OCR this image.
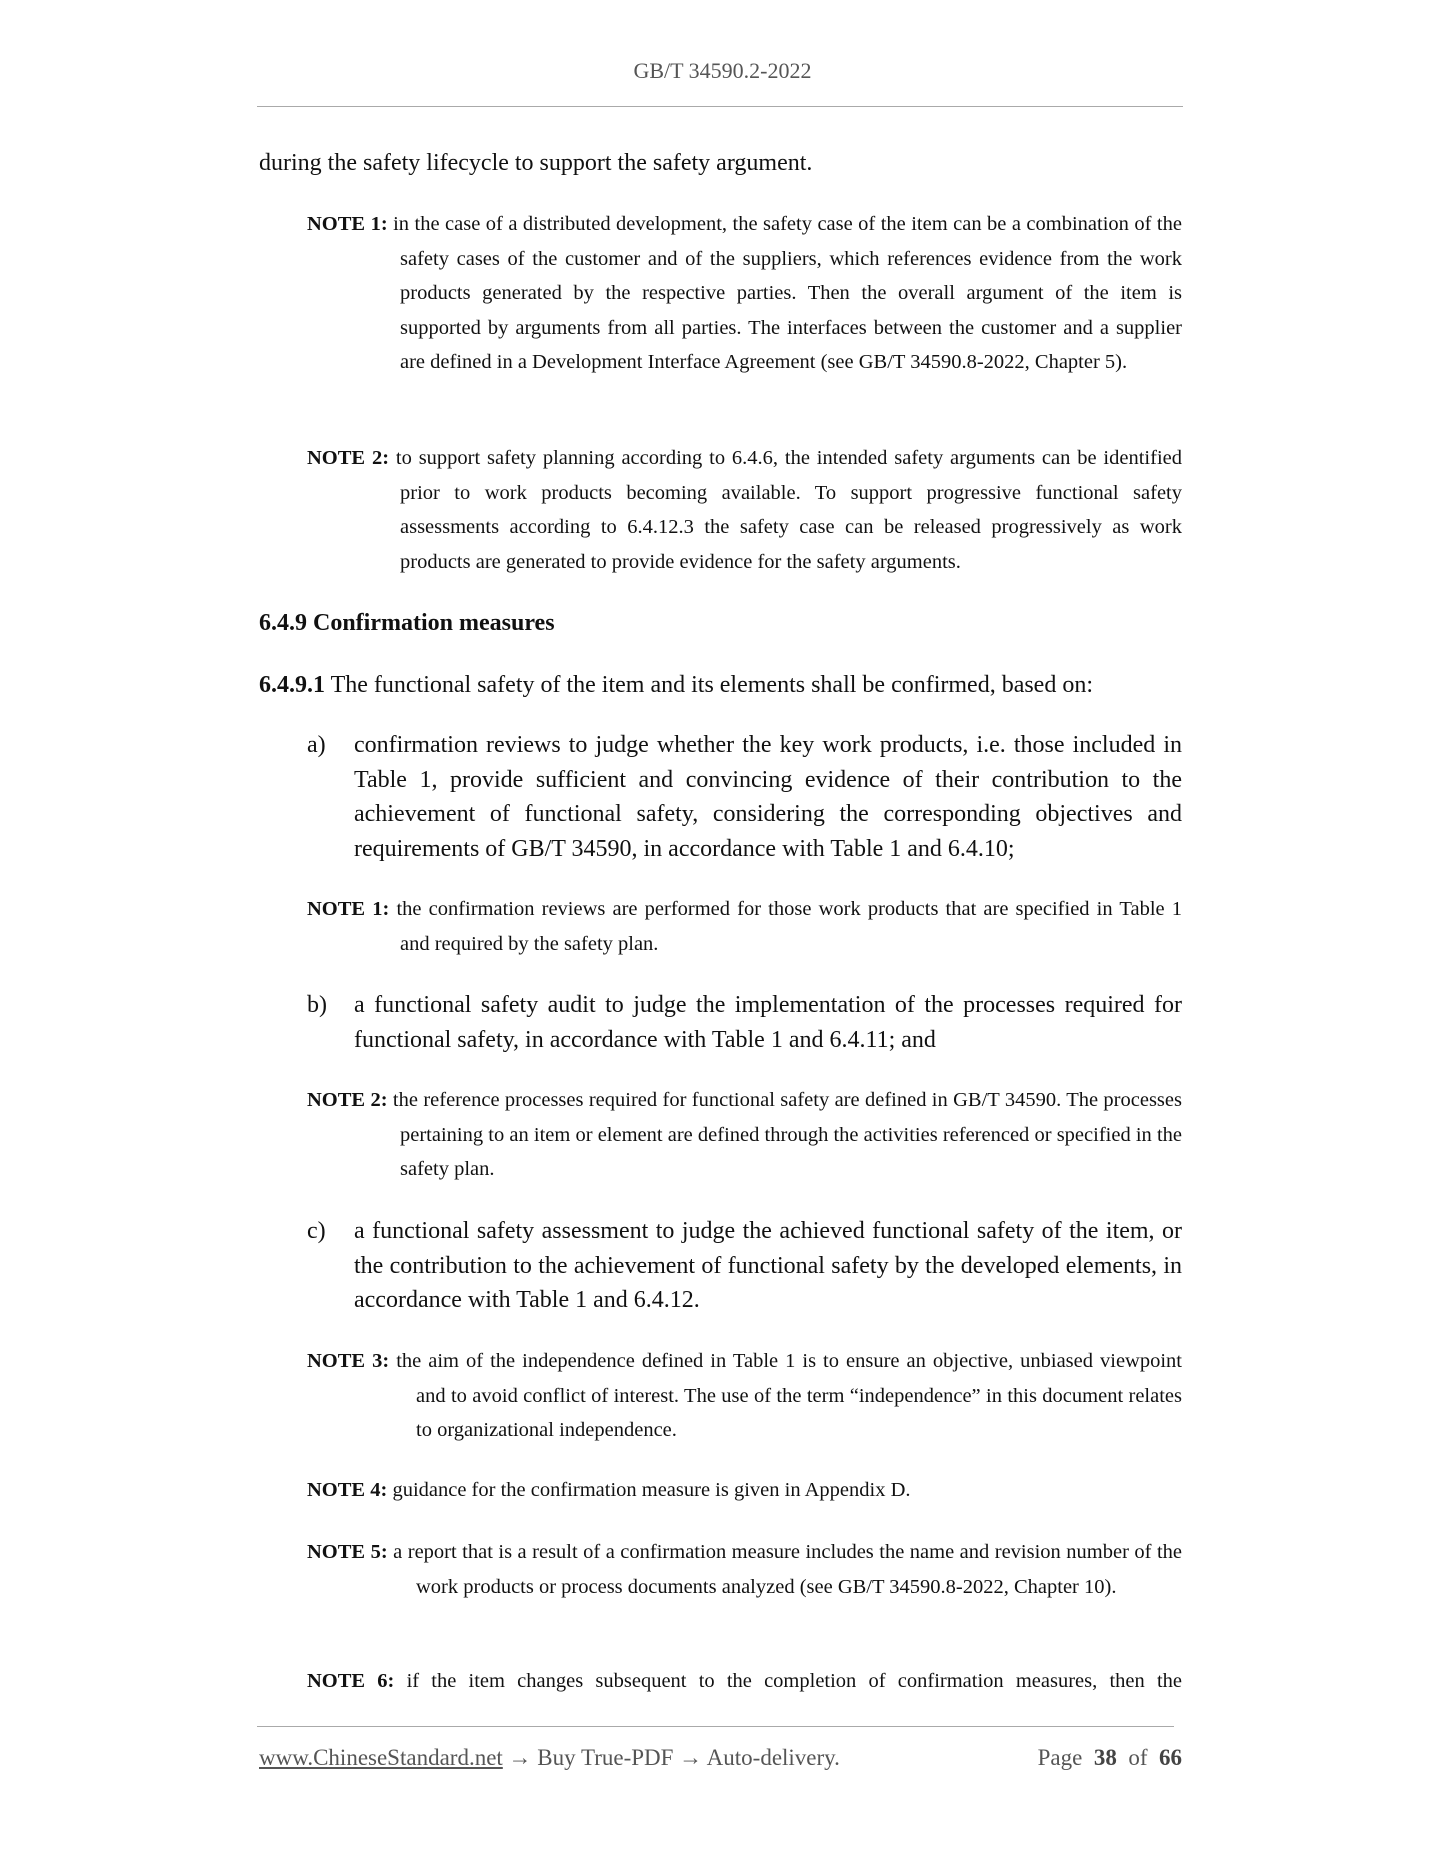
GB/T 34590.2-2022
during the safety lifecycle to support the safety argument.
NOTE 1: in the case of a distributed development, the safety case of the item can be a combination of the safety cases of the customer and of the suppliers, which references evidence from the work products generated by the respective parties. Then the overall argument of the item is supported by arguments from all parties. The interfaces between the customer and a supplier are defined in a Development Interface Agreement (see GB/T 34590.8-2022, Chapter 5).
NOTE 2: to support safety planning according to 6.4.6, the intended safety arguments can be identified prior to work products becoming available. To support progressive functional safety assessments according to 6.4.12.3 the safety case can be released progressively as work products are generated to provide evidence for the safety arguments.
6.4.9 Confirmation measures
6.4.9.1 The functional safety of the item and its elements shall be confirmed, based on:
a) confirmation reviews to judge whether the key work products, i.e. those included in Table 1, provide sufficient and convincing evidence of their contribution to the achievement of functional safety, considering the corresponding objectives and requirements of GB/T 34590, in accordance with Table 1 and 6.4.10;
NOTE 1: the confirmation reviews are performed for those work products that are specified in Table 1 and required by the safety plan.
b) a functional safety audit to judge the implementation of the processes required for functional safety, in accordance with Table 1 and 6.4.11; and
NOTE 2: the reference processes required for functional safety are defined in GB/T 34590. The processes pertaining to an item or element are defined through the activities referenced or specified in the safety plan.
c) a functional safety assessment to judge the achieved functional safety of the item, or the contribution to the achievement of functional safety by the developed elements, in accordance with Table 1 and 6.4.12.
NOTE 3: the aim of the independence defined in Table 1 is to ensure an objective, unbiased viewpoint and to avoid conflict of interest. The use of the term “independence” in this document relates to organizational independence.
NOTE 4: guidance for the confirmation measure is given in Appendix D.
NOTE 5: a report that is a result of a confirmation measure includes the name and revision number of the work products or process documents analyzed (see GB/T 34590.8-2022, Chapter 10).
NOTE 6: if the item changes subsequent to the completion of confirmation measures, then the
www.ChineseStandard.net → Buy True-PDF → Auto-delivery.	Page 38 of 66
